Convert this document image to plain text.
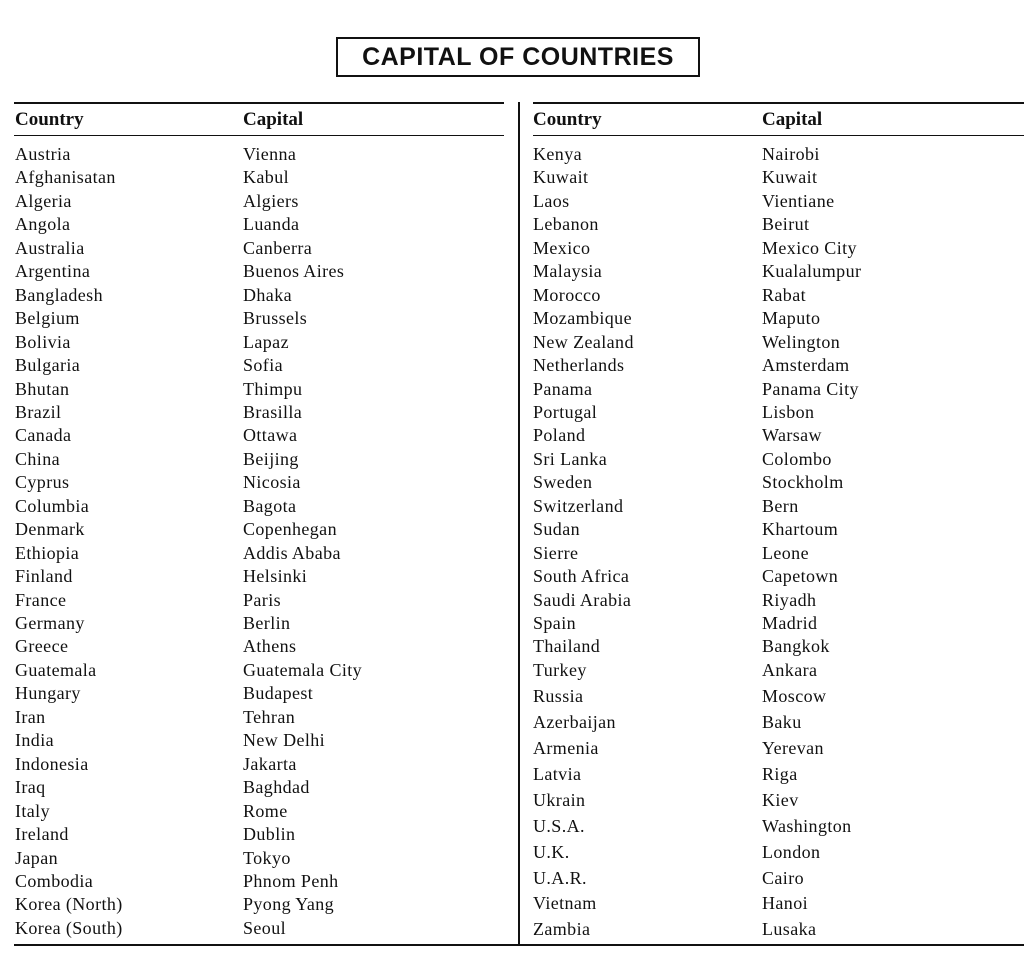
CAPITAL OF COUNTRIES
Country	Capital	Country	Capital
Austria	Vienna
Afghanisatan	Kabul
Algeria	Algiers
Angola	Luanda
Australia	Canberra
Argentina	Buenos Aires
Bangladesh	Dhaka
Belgium	Brussels
Bolivia	Lapaz
Bulgaria	Sofia
Bhutan	Thimpu
Brazil	Brasilla
Canada	Ottawa
China	Beijing
Cyprus	Nicosia
Columbia	Bagota
Denmark	Copenhegan
Ethiopia	Addis Ababa
Finland	Helsinki
France	Paris
Germany	Berlin
Greece	Athens
Guatemala	Guatemala City
Hungary	Budapest
Iran	Tehran
India	New Delhi
Indonesia	Jakarta
Iraq	Baghdad
Italy	Rome
Ireland	Dublin
Japan	Tokyo
Combodia	Phnom Penh
Korea (North)	Pyong Yang
Korea (South)	Seoul
Kenya	Nairobi
Kuwait	Kuwait
Laos	Vientiane
Lebanon	Beirut
Mexico	Mexico City
Malaysia	Kualalumpur
Morocco	Rabat
Mozambique	Maputo
New Zealand	Welington
Netherlands	Amsterdam
Panama	Panama City
Portugal	Lisbon
Poland	Warsaw
Sri Lanka	Colombo
Sweden	Stockholm
Switzerland	Bern
Sudan	Khartoum
Sierre	Leone
South Africa	Capetown
Saudi Arabia	Riyadh
Spain	Madrid
Thailand	Bangkok
Turkey	Ankara
Russia	Moscow
Azerbaijan	Baku
Armenia	Yerevan
Latvia	Riga
Ukrain	Kiev
U.S.A.	Washington
U.K.	London
U.A.R.	Cairo
Vietnam	Hanoi
Zambia	Lusaka
